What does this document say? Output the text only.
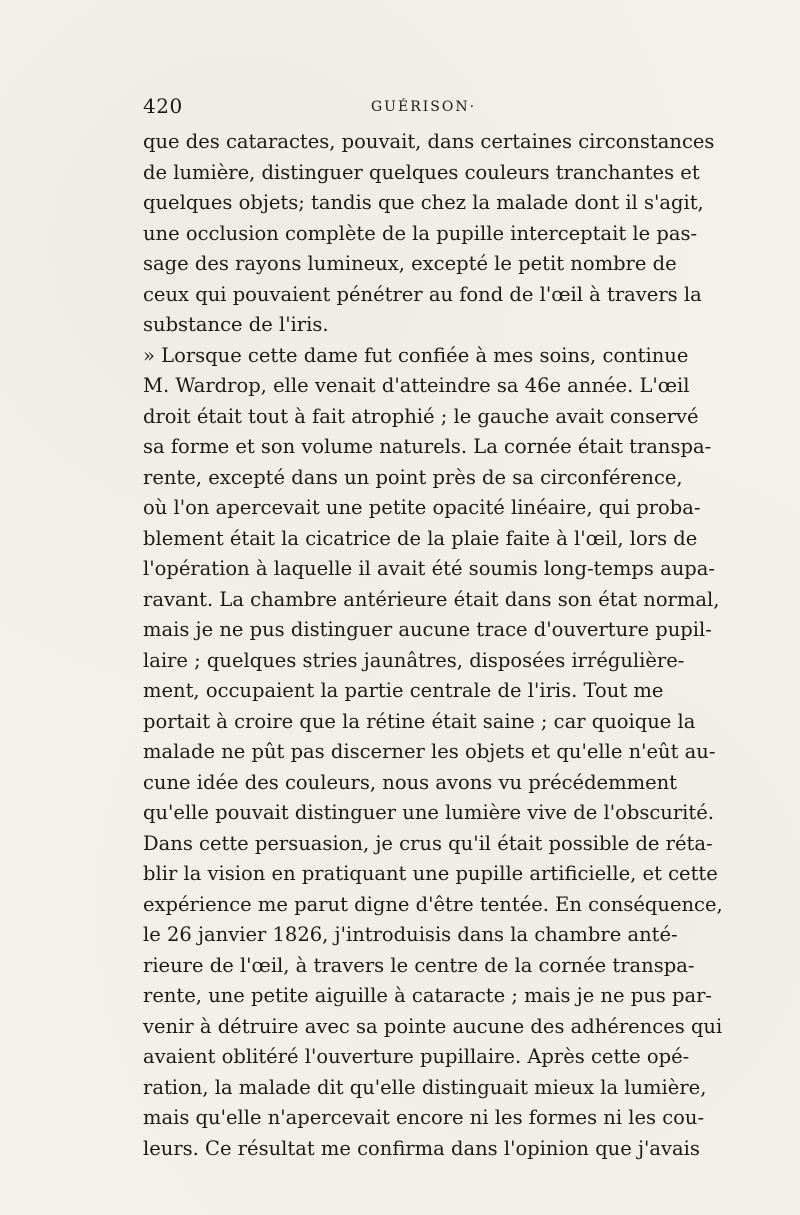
420	GUÉRISON·
que des cataractes, pouvait, dans certaines circonstances
de lumière, distinguer quelques couleurs tranchantes et
quelques objets; tandis que chez la malade dont il s'agit,
une occlusion complète de la pupille interceptait le pas-
sage des rayons lumineux, excepté le petit nombre de
ceux qui pouvaient pénétrer au fond de l'œil à travers la
substance de l'iris.
» Lorsque cette dame fut confiée à mes soins, continue
M. Wardrop, elle venait d'atteindre sa 46e année. L'œil
droit était tout à fait atrophié ; le gauche avait conservé
sa forme et son volume naturels. La cornée était transpa-
rente, excepté dans un point près de sa circonférence,
où l'on apercevait une petite opacité linéaire, qui proba-
blement était la cicatrice de la plaie faite à l'œil, lors de
l'opération à laquelle il avait été soumis long-temps aupa-
ravant. La chambre antérieure était dans son état normal,
mais je ne pus distinguer aucune trace d'ouverture pupil-
laire ; quelques stries jaunâtres, disposées irrégulière-
ment, occupaient la partie centrale de l'iris. Tout me
portait à croire que la rétine était saine ; car quoique la
malade ne pût pas discerner les objets et qu'elle n'eût au-
cune idée des couleurs, nous avons vu précédemment
qu'elle pouvait distinguer une lumière vive de l'obscurité.
Dans cette persuasion, je crus qu'il était possible de réta-
blir la vision en pratiquant une pupille artificielle, et cette
expérience me parut digne d'être tentée. En conséquence,
le 26 janvier 1826, j'introduisis dans la chambre anté-
rieure de l'œil, à travers le centre de la cornée transpa-
rente, une petite aiguille à cataracte ; mais je ne pus par-
venir à détruire avec sa pointe aucune des adhérences qui
avaient oblitéré l'ouverture pupillaire. Après cette opé-
ration, la malade dit qu'elle distinguait mieux la lumière,
mais qu'elle n'apercevait encore ni les formes ni les cou-
leurs. Ce résultat me confirma dans l'opinion que j'avais
